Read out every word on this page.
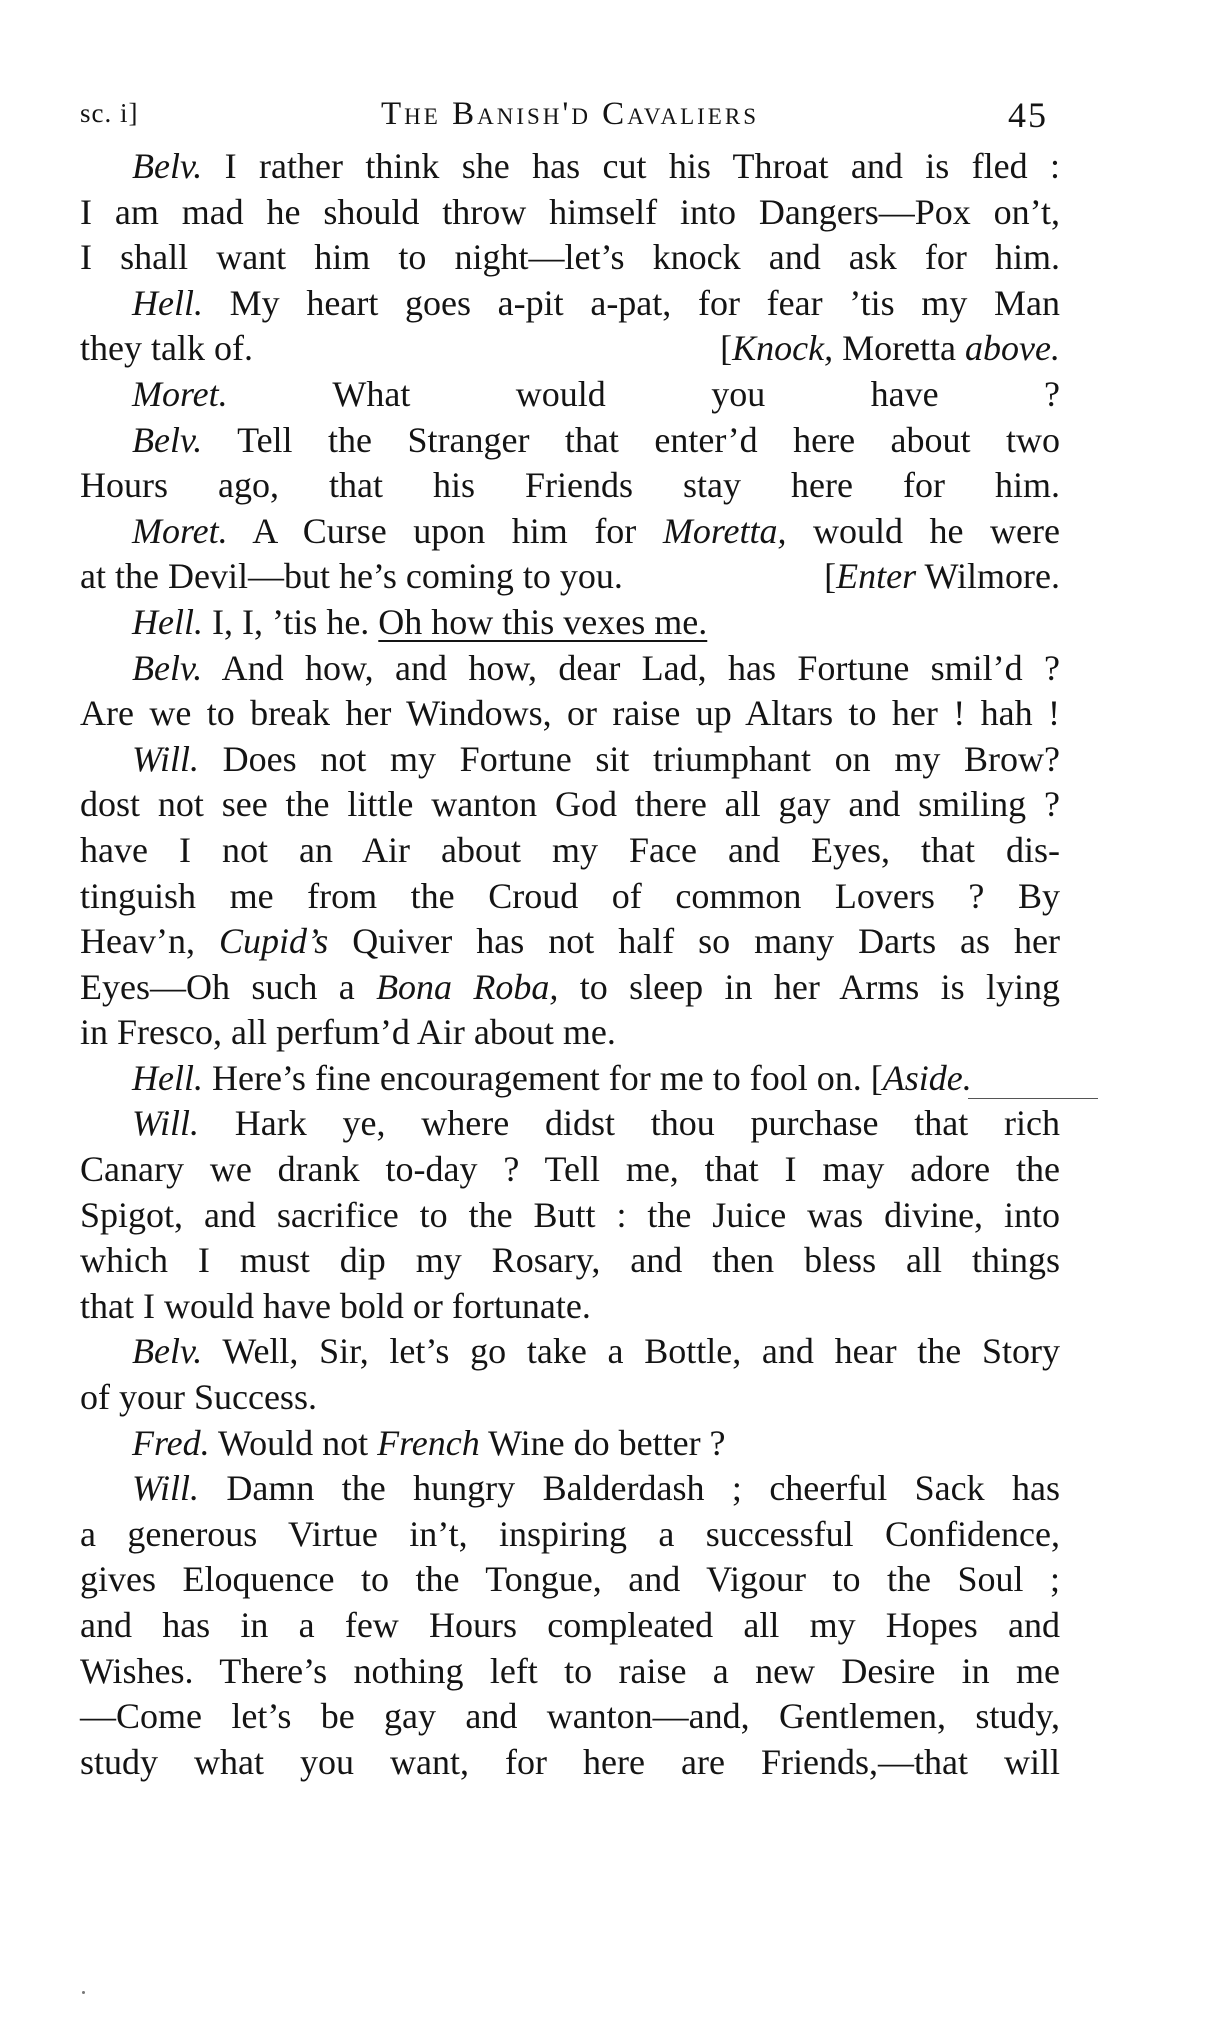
sc. i]	The Banish'd Cavaliers	45
Belv. I rather think she has cut his Throat and is fled :
I am mad he should throw himself into Dangers—Pox on’t,
I shall want him to night—let’s knock and ask for him.
Hell. My heart goes a-pit a-pat, for fear ’tis my Man
they talk of.	[Knock, Moretta above.
Moret. What would you have ?
Belv. Tell the Stranger that enter’d here about two
Hours ago, that his Friends stay here for him.
Moret. A Curse upon him for Moretta, would he were
at the Devil—but he’s coming to you.	[Enter Wilmore.
Hell. I, I, ’tis he. Oh how this vexes me.
Belv. And how, and how, dear Lad, has Fortune smil’d ?
Are we to break her Windows, or raise up Altars to her ! hah !
Will. Does not my Fortune sit triumphant on my Brow?
dost not see the little wanton God there all gay and smiling ?
have I not an Air about my Face and Eyes, that dis-
tinguish me from the Croud of common Lovers ? By
Heav’n, Cupid’s Quiver has not half so many Darts as her
Eyes—Oh such a Bona Roba, to sleep in her Arms is lying
in Fresco, all perfum’d Air about me.
Hell. Here’s fine encouragement for me to fool on. [Aside.
Will. Hark ye, where didst thou purchase that rich
Canary we drank to-day ? Tell me, that I may adore the
Spigot, and sacrifice to the Butt : the Juice was divine, into
which I must dip my Rosary, and then bless all things
that I would have bold or fortunate.
Belv. Well, Sir, let’s go take a Bottle, and hear the Story
of your Success.
Fred. Would not French Wine do better ?
Will. Damn the hungry Balderdash ; cheerful Sack has
a generous Virtue in’t, inspiring a successful Confidence,
gives Eloquence to the Tongue, and Vigour to the Soul ;
and has in a few Hours compleated all my Hopes and
Wishes. There’s nothing left to raise a new Desire in me
—Come let’s be gay and wanton—and, Gentlemen, study,
study what you want, for here are Friends,—that will
